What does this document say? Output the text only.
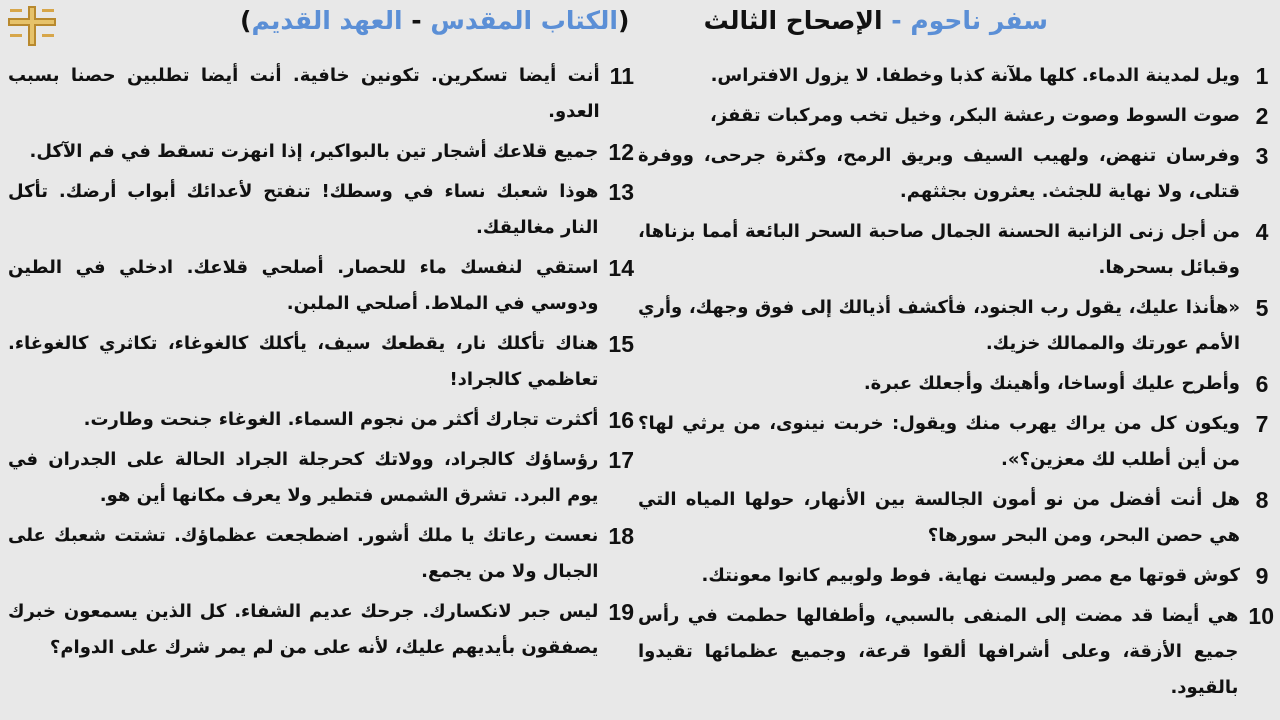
سفر ناحوم - الإصحاح الثالث
(الكتاب المقدس - العهد القديم)
1
ويل لمدينة الدماء. كلها ملآنة كذبا وخطفا. لا يزول الافتراس.
2
صوت السوط وصوت رعشة البكر، وخيل تخب ومركبات تقفز،
3
وفرسان تنهض، ولهيب السيف وبريق الرمح، وكثرة جرحى، ووفرة قتلى، ولا نهاية للجثث. يعثرون بجثثهم.
4
من أجل زنى الزانية الحسنة الجمال صاحبة السحر البائعة أمما بزناها، وقبائل بسحرها.
5
«هأنذا عليك، يقول رب الجنود، فأكشف أذيالك إلى فوق وجهك، وأري الأمم عورتك والممالك خزيك.
6
وأطرح عليك أوساخا، وأهينك وأجعلك عبرة.
7
ويكون كل من يراك يهرب منك ويقول: خربت نينوى، من يرثي لها؟ من أين أطلب لك معزين؟».
8
هل أنت أفضل من نو أمون الجالسة بين الأنهار، حولها المياه التي هي حصن البحر، ومن البحر سورها؟
9
كوش قوتها مع مصر وليست نهاية. فوط ولوبيم كانوا معونتك.
10
هي أيضا قد مضت إلى المنفى بالسبي، وأطفالها حطمت في رأس جميع الأزقة، وعلى أشرافها ألقوا قرعة، وجميع عظمائها تقيدوا بالقيود.
11
أنت أيضا تسكرين. تكونين خافية. أنت أيضا تطلبين حصنا بسبب العدو.
12
جميع قلاعك أشجار تين بالبواكير، إذا انهزت تسقط في فم الآكل.
13
هوذا شعبك نساء في وسطك! تنفتح لأعدائك أبواب أرضك. تأكل النار مغاليقك.
14
استقي لنفسك ماء للحصار. أصلحي قلاعك. ادخلي في الطين ودوسي في الملاط. أصلحي الملبن.
15
هناك تأكلك نار، يقطعك سيف، يأكلك كالغوغاء، تكاثري كالغوغاء. تعاظمي كالجراد!
16
أكثرت تجارك أكثر من نجوم السماء. الغوغاء جنحت وطارت.
17
رؤساؤك كالجراد، وولاتك كحرجلة الجراد الحالة على الجدران في يوم البرد. تشرق الشمس فتطير ولا يعرف مكانها أين هو.
18
نعست رعاتك يا ملك أشور. اضطجعت عظماؤك. تشتت شعبك على الجبال ولا من يجمع.
19
ليس جبر لانكسارك. جرحك عديم الشفاء. كل الذين يسمعون خبرك يصفقون بأيديهم عليك، لأنه على من لم يمر شرك على الدوام؟
